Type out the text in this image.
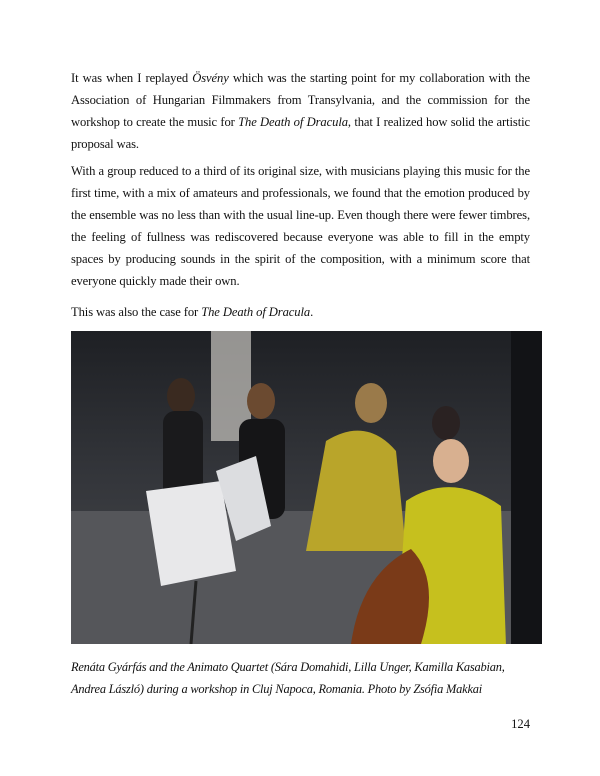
It was when I replayed Ösvény which was the starting point for my collaboration with the Association of Hungarian Filmmakers from Transylvania, and the commission for the workshop to create the music for The Death of Dracula, that I realized how solid the artistic proposal was.

With a group reduced to a third of its original size, with musicians playing this music for the first time, with a mix of amateurs and professionals, we found that the emotion produced by the ensemble was no less than with the usual line-up. Even though there were fewer timbres, the feeling of fullness was rediscovered because everyone was able to fill in the empty spaces by producing sounds in the spirit of the composition, with a minimum score that everyone quickly made their own.

This was also the case for The Death of Dracula.

Renáta Gyárfás and the Animato Quartet (Sára Domahidi, Lilla Unger, Kamilla Kasabian, Andrea László) during a workshop in Cluj Napoca, Romania. Photo by Zsófia Makkai
124
